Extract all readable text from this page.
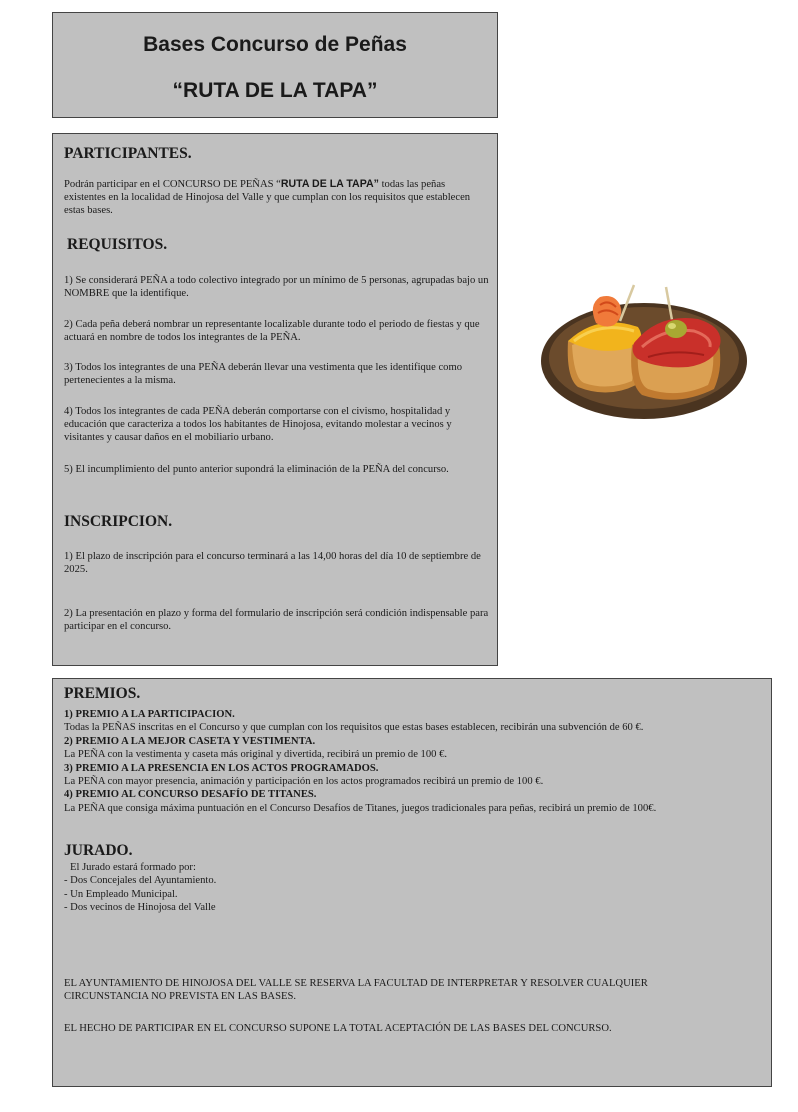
Bases Concurso de Peñas
“RUTA DE LA TAPA”
PARTICIPANTES.
Podrán participar en el CONCURSO DE PEÑAS “RUTA DE LA TAPA” todas las peñas existentes en la localidad de Hinojosa del Valle y que cumplan con los requisitos que establecen estas bases.
REQUISITOS.
1) Se considerará PEÑA a todo colectivo integrado por un mínimo de 5 personas, agrupadas bajo un NOMBRE que la identifique.
2) Cada peña deberá nombrar un representante localizable durante todo el periodo de fiestas y que actuará en nombre de todos los integrantes de la PEÑA.
3) Todos los integrantes de una PEÑA deberán llevar una vestimenta que les identifique como pertenecientes a la misma.
4) Todos los integrantes de cada PEÑA deberán comportarse con el civismo, hospitalidad y educación que caracteriza a todos los habitantes de Hinojosa, evitando molestar a vecinos y visitantes y causar daños en el mobiliario urbano.
5) El incumplimiento del punto anterior supondrá la eliminación de la PEÑA del concurso.
INSCRIPCION.
1) El plazo de inscripción para el concurso terminará a las 14,00 horas del día 10 de septiembre de 2025.
2) La presentación en plazo y forma del formulario de inscripción será condición indispensable para participar en el concurso.
PREMIOS.
1) PREMIO A LA PARTICIPACION.
Todas la PEÑAS inscritas en el Concurso y que cumplan con los requisitos que estas bases establecen, recibirán una subvención de 60 €.
2) PREMIO A LA MEJOR CASETA Y VESTIMENTA.
La PEÑA con la vestimenta y caseta más original y divertida, recibirá un premio de 100 €.
3) PREMIO A LA PRESENCIA EN LOS ACTOS PROGRAMADOS.
La PEÑA con mayor presencia, animación y participación en los actos programados recibirá un premio de 100 €.
4) PREMIO AL CONCURSO DESAFÍO DE TITANES.
La PEÑA que consiga máxima puntuación en el Concurso Desafíos de Titanes, juegos tradicionales para peñas, recibirá un premio de 100€.
JURADO.
El Jurado estará formado por:
- Dos Concejales del Ayuntamiento.
- Un Empleado Municipal.
- Dos vecinos de Hinojosa del Valle
EL AYUNTAMIENTO DE HINOJOSA DEL VALLE SE RESERVA LA FACULTAD DE INTERPRETAR Y RESOLVER CUALQUIER CIRCUNSTANCIA NO PREVISTA EN LAS BASES.
EL HECHO DE PARTICIPAR EN EL CONCURSO SUPONE LA TOTAL ACEPTACIÓN DE LAS BASES DEL CONCURSO.
